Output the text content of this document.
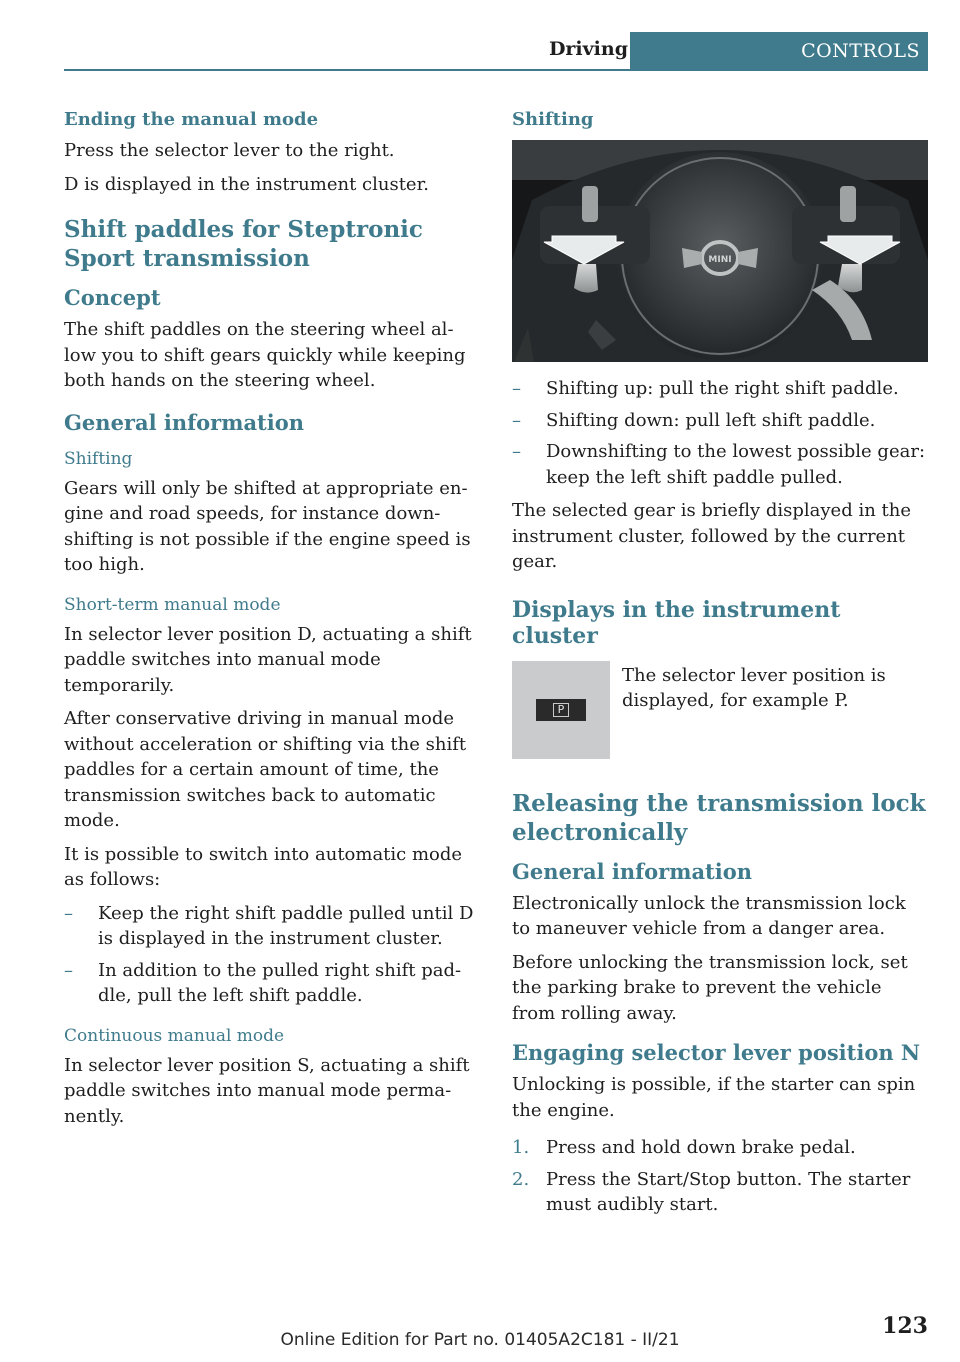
Driving	CONTROLS
Ending the manual mode

Press the selector lever to the right.

D is displayed in the instrument cluster.

Shift paddles for Steptronic Sport transmission
Concept

The shift paddles on the steering wheel al‐ low you to shift gears quickly while keeping both hands on the steering wheel.

General information
Shifting

Gears will only be shifted at appropriate en‐ gine and road speeds, for instance down‐ shifting is not possible if the engine speed is too high.

Short-term manual mode

In selector lever position D, actuating a shift paddle switches into manual mode temporarily.

After conservative driving in manual mode without acceleration or shifting via the shift paddles for a certain amount of time, the transmission switches back to automatic mode.

It is possible to switch into automatic mode as follows:

– Keep the right shift paddle pulled until D is displayed in the instrument cluster.
– In addition to the pulled right shift pad‐ dle, pull the left shift paddle.
Continuous manual mode

In selector lever position S, actuating a shift paddle switches into manual mode perma‐ nently.

Shifting
MINI
– Shifting up: pull the right shift paddle.
– Shifting down: pull left shift paddle.
– Downshifting to the lowest possible gear: keep the left shift paddle pulled.

The selected gear is briefly displayed in the instrument cluster, followed by the current gear.

Displays in the instrument cluster
P

The selector lever position is displayed, for example P.

Releasing the transmission lock electronically
General information

Electronically unlock the transmission lock to maneuver vehicle from a danger area.

Before unlocking the transmission lock, set the parking brake to prevent the vehicle from rolling away.

Engaging selector lever position N

Unlocking is possible, if the starter can spin the engine.

1. Press and hold down brake pedal.
2. Press the Start/Stop button. The starter must audibly start.
123
Online Edition for Part no. 01405A2C181 - II/21
